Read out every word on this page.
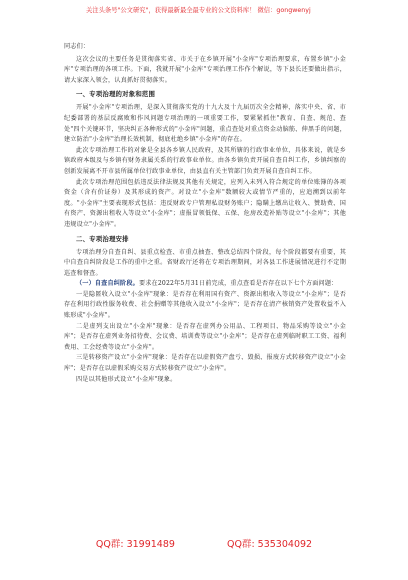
关注头条号"公文研究"，获得最新最全最专业的公文资料库！ 微信：gongwenyj

同志们：

这次会议的主要任务是贯彻落实省、市关于在乡镇开展"小金库"专项治理要求，布置乡镇"小金库"专项治理的各项工作。下面，我就开展"小金库"专项治理工作作个解说，等下县长还要做出指示，请大家深入领会，认真抓好贯彻落实。

一、专项治理的对象和范围

开展"小金库"专项治理，是深入贯彻落实党的十九大及十九届历次全会精神，落实中央、省、市纪委部署的基层反腐败和作风问题专项治理的一项重要工作，要紧紧抓住"教育、自查、规范、查处"四个关键环节，坚决纠正各种形式的"小金库"问题，重点查处对重点资金动脑筋、伸黑手的问题，建立防治"小金库"治理长效机制，彻底杜绝乡镇"小金库"的存在。

此次专项治理工作的对象是全县各乡镇人民政府，及其所辖的行政事业单位，具体来说，就是乡镇政府本级及与乡镇有财务隶属关系的行政事业单位。由各乡镇负责开展自查自纠工作，乡镇纠察的创新发展离不开市县所属单位行政事业单位，由县直有关主管部门负责开展自查自纠工作。

此次专项治理范围包括违反法律法规及其他有关规定，应列入未列入符合规定的单位账簿的各项资金（含有价证券）及其形成的资产。对设立"小金库"数额较大或情节严重的，应追溯到以前年度。"小金库"主要表现形式包括：违反财政专户管理私设财务账户；隐瞒上缴出让收入、赞助费、国有资产、资源出租收入等设立"小金库"；虚报冒领低保、五保、危房改造补贴等设立"小金库"；其他违规设立"小金库"。

二、专项治理安排

专项治理分自查自纠、县重点检查、市重点抽查、整改总结四个阶段，每个阶段都要有重要，其中自查自纠阶段是工作的重中之重。省财政厅还将在专项治理期间，对各县工作进展情况进行不定期巡查和督查。

（一）自查自纠阶段。要求在2022年5月31日前完成，重点查看是否存在以下七个方面问题：

一是隐匿收入设立"小金库"现象：是否存在利用国有资产、资源出租收入等设立"小金库"；是否存在利用行政性服务收费、社会捐赠等其他收入设立"小金库"；是否存在清产核销资产处置收益不入账形成"小金库"。

二是虚列支出设立"小金库"现象：是否存在虚列办公用品、工程项目、物品采购等设立"小金库"；是否存在虚列业务招待费、会议费、培训费等设立"小金库"；是否存在虚列临时职工工资、福利费用、工会经费等设立"小金库"。

三是转移资产设立"小金库"现象：是否存在以虚假资产盘亏、毁损、报废方式转移资产设立"小金库"；是否存在以虚假采购交易方式转移资产设立"小金库"。

四是以其他形式设立"小金库"现象。

QQ群: 31991489	QQ群: 535304092
